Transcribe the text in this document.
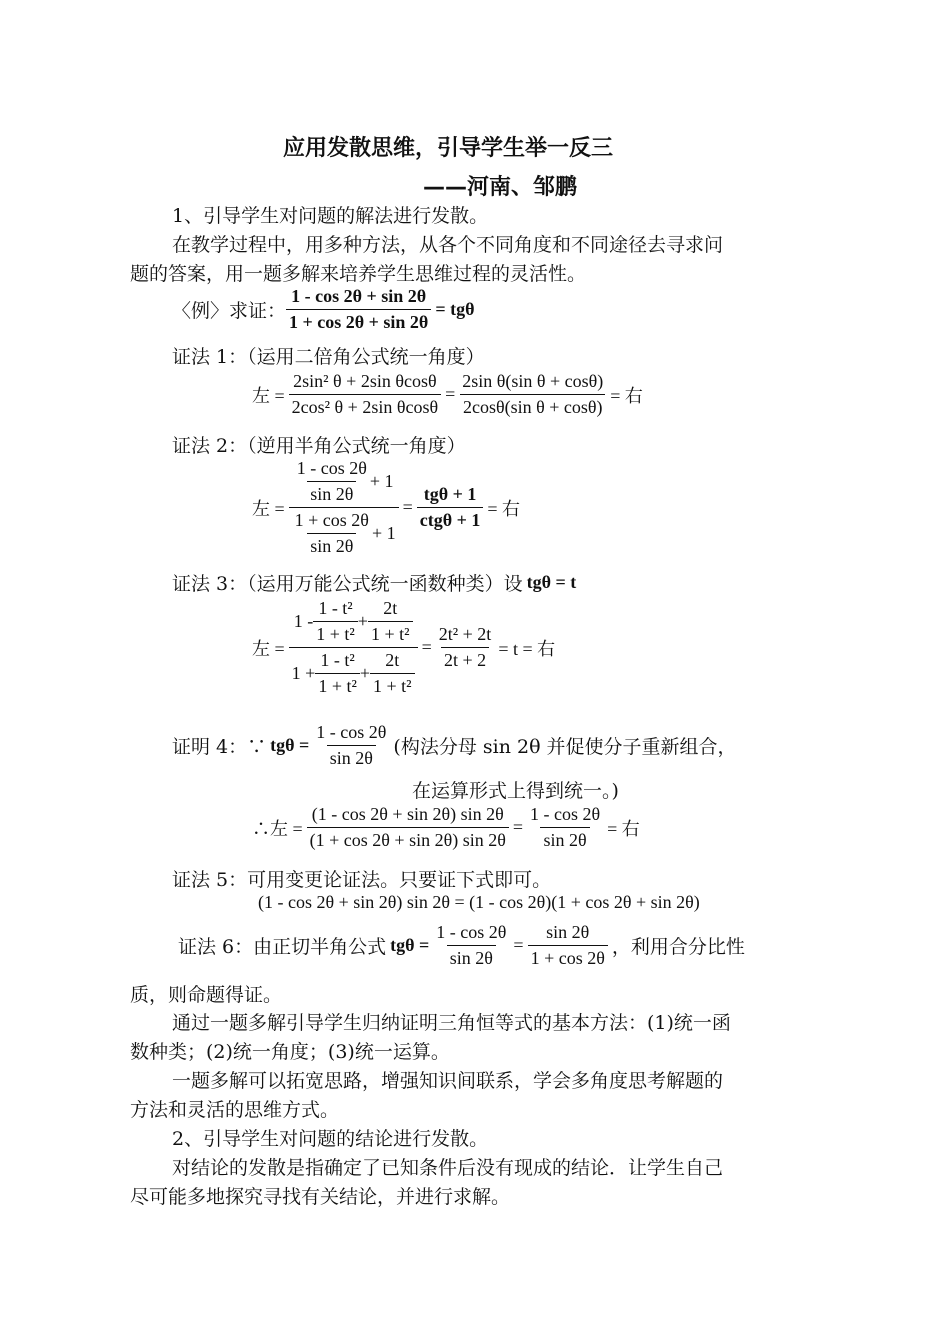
应用发散思维，引导学生举一反三
——河南、邹鹏
1、引导学生对问题的解法进行发散。
在教学过程中，用多种方法，从各个不同角度和不同途径去寻求问
题的答案，用一题多解来培养学生思维过程的灵活性。
〈例〉求证： $\frac{1 - \cos 2\theta + \sin 2\theta}{1 + \cos 2\theta + \sin 2\theta} = tg\theta$
证法 1：（运用二倍角公式统一角度）
左 = $\frac{\text{2sin² θ + 2sin θcosθ}}{\text{2cos² θ + 2sin θcosθ}} = \frac{\text{2sin θ(sin θ + cosθ)}}{\text{2cosθ(sin θ + cosθ)}}$ = 右
证法 2：（逆用半角公式统一角度）
左 = $\frac{\frac{1 - \cos 2\theta}{\sin 2\theta} + 1}{\frac{1 + \cos 2\theta}{\sin 2\theta} + 1} = \frac{\text{tgθ + 1}}{\text{ctgθ + 1}}$ = 右
证法 3：（运用万能公式统一函数种类）设 tgθ = t
左 =
$1 - \frac{\text{1 - t²}}{\text{1 + t²}} + \frac{2t}{\text{1 + t²}}$
$1 + \frac{\text{1 - t²}}{\text{1 + t²}} + \frac{2t}{\text{1 + t²}}$
= $\frac{\text{2t² + 2t}}{2t + 2} = t$ = 右
证明 4：∵ $tg\theta = \frac{1 - \cos 2\theta}{\sin 2\theta}$ (构法分母 sin 2θ 并促使分子重新组合，
在运算形式上得到统一。)
∴左 = $\frac{(1 - \cos 2\theta + \sin 2\theta) \sin 2\theta}{(1 + \cos 2\theta + \sin 2\theta) \sin 2\theta} = \frac{1 - \cos 2\theta}{\sin 2\theta}$ = 右
证法 5：可用变更论证法。只要证下式即可。
(1 - cos 2θ + sin 2θ) sin 2θ = (1 - cos 2θ)(1 + cos 2θ + sin 2θ)
证法 6：由正切半角公式 $tg\theta = \frac{1 - \cos 2\theta}{\sin 2\theta} = \frac{\sin 2\theta}{1 + \cos 2\theta}$ ，利用合分比性
质，则命题得证。
通过一题多解引导学生归纳证明三角恒等式的基本方法：(1)统一函
数种类；(2)统一角度；(3)统一运算。
一题多解可以拓宽思路，增强知识间联系，学会多角度思考解题的
方法和灵活的思维方式。
2、引导学生对问题的结论进行发散。
对结论的发散是指确定了已知条件后没有现成的结论．让学生自己
尽可能多地探究寻找有关结论，并进行求解。
